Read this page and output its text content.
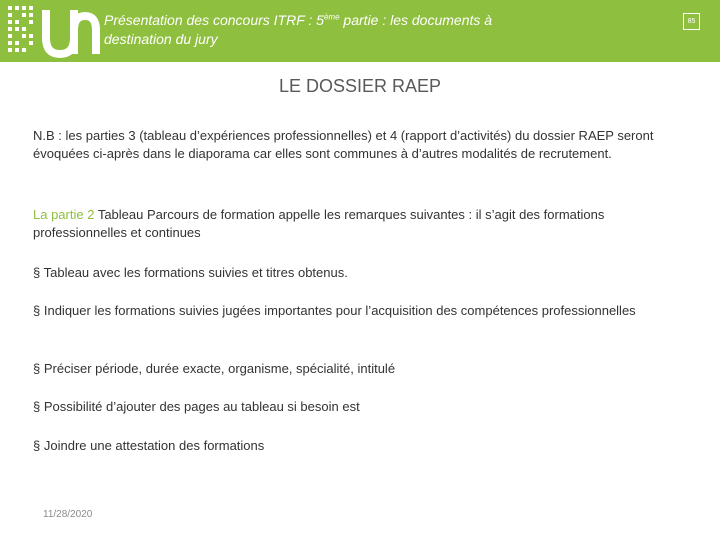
Présentation des concours ITRF : 5ème partie : les documents à
destination du jury
85
LE DOSSIER RAEP
N.B : les parties 3 (tableau d’expériences professionnelles) et 4 (rapport d’activités) du dossier RAEP seront évoquées ci-après dans le diaporama car elles sont communes à d’autres modalités de recrutement.
La partie 2 Tableau Parcours de formation appelle les remarques suivantes : il s’agit des formations professionnelles et continues
§ Tableau avec les formations suivies et titres obtenus.
§ Indiquer les formations suivies jugées importantes pour l’acquisition des compétences professionnelles
§ Préciser période, durée exacte, organisme, spécialité, intitulé
§ Possibilité d’ajouter des pages au tableau si besoin est
§ Joindre une attestation des formations
11/28/2020
